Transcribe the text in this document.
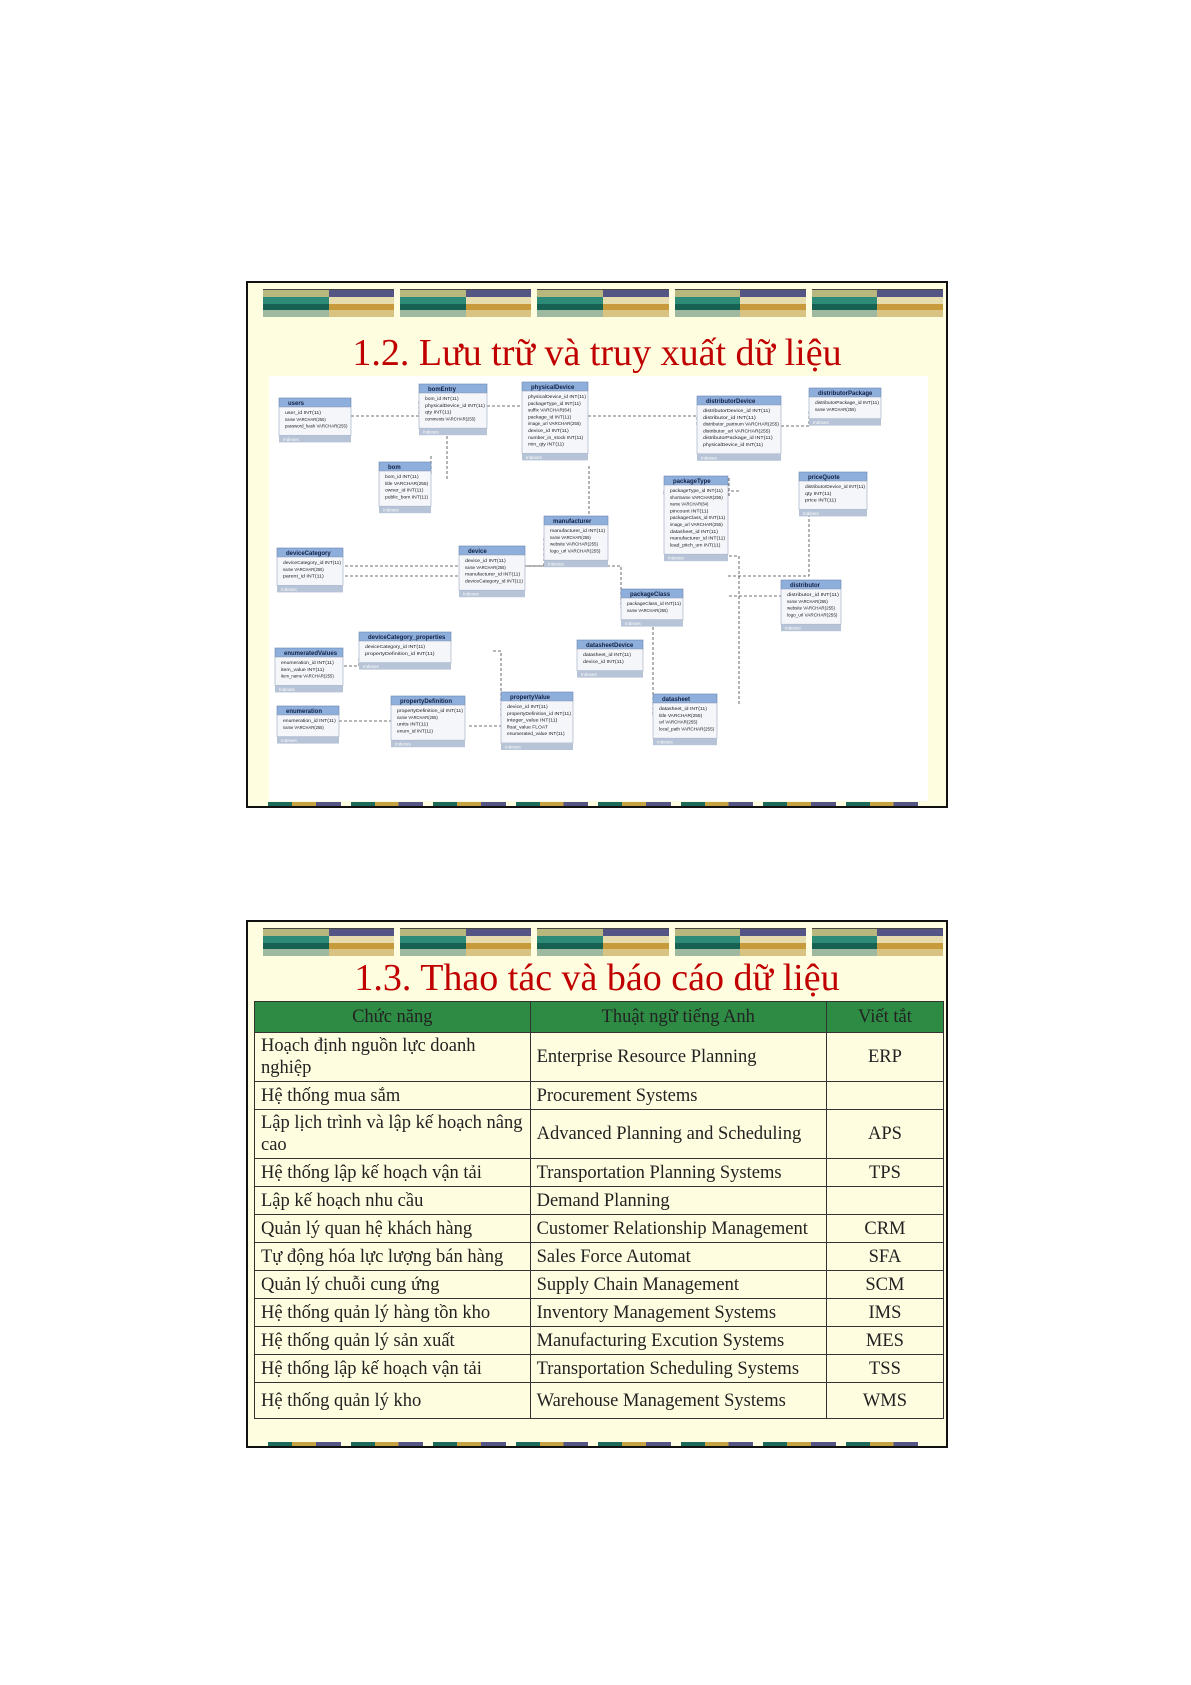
1.2. Lưu trữ và truy xuất dữ liệu
users
user_id INT(11)
name VARCHAR(255)
password_hash VARCHAR(255)
Indexes
bomEntry
bom_id INT(11)
physicalDevice_id INT(11)
qty INT(11)
comments VARCHAR(255)
Indexes
physicalDevice
physicalDevice_id INT(11)
packageType_id INT(11)
suffix VARCHAR(64)
package_id INT(11)
image_url VARCHAR(255)
device_id INT(11)
number_in_stock INT(11)
min_qty INT(11)
Indexes
distributorDevice
distributorDevice_id INT(11)
distributor_id INT(11)
distributor_partnum VARCHAR(255)
distributor_url VARCHAR(255)
distributorPackage_id INT(11)
physicalDevice_id INT(11)
Indexes
distributorPackage
distributorPackage_id INT(11)
name VARCHAR(255)
Indexes
bom
bom_id INT(11)
title VARCHAR(255)
owner_id INT(11)
public_bom INT(11)
Indexes
priceQuote
distributorDevice_id INT(11)
qty INT(11)
price INT(11)
Indexes
packageType
packageType_id INT(11)
shortname VARCHAR(255)
name VARCHAR(64)
pincount INT(11)
packageClass_id INT(11)
image_url VARCHAR(255)
datasheet_id INT(11)
manufacturer_id INT(11)
lead_pitch_um INT(11)
Indexes
manufacturer
manufacturer_id INT(11)
name VARCHAR(255)
website VARCHAR(255)
logo_url VARCHAR(255)
Indexes
deviceCategory
deviceCategory_id INT(11)
name VARCHAR(255)
parent_id INT(11)
Indexes
device
device_id INT(11)
name VARCHAR(255)
manufacturer_id INT(11)
deviceCategory_id INT(11)
Indexes
distributor
distributor_id INT(11)
name VARCHAR(255)
website VARCHAR(255)
logo_url VARCHAR(255)
Indexes
packageClass
packageClass_id INT(11)
name VARCHAR(255)
Indexes
enumeratedValues
enumeration_id INT(11)
item_value INT(11)
item_name VARCHAR(255)
Indexes
deviceCategory_properties
deviceCategory_id INT(11)
propertyDefinition_id INT(11)
Indexes
datasheetDevice
datasheet_id INT(11)
device_id INT(11)
Indexes
enumeration
enumeration_id INT(11)
name VARCHAR(255)
Indexes
propertyDefinition
propertyDefinition_id INT(11)
name VARCHAR(255)
units INT(11)
enum_id INT(11)
Indexes
propertyValue
device_id INT(11)
propertyDefinition_id INT(11)
integer_value INT(11)
float_value FLOAT
enumerated_value INT(11)
Indexes
datasheet
datasheet_id INT(11)
title VARCHAR(255)
url VARCHAR(255)
local_path VARCHAR(255)
Indexes
1.3. Thao tác và báo cáo dữ liệu
Chức năng	Thuật ngữ tiếng Anh	Viết tắt
Hoạch định nguồn lực doanh nghiệp	Enterprise Resource Planning	ERP
Hệ thống mua sắm	Procurement Systems	
Lập lịch trình và lập kế hoạch nâng cao	Advanced Planning and Scheduling	APS
Hệ thống lập kế hoạch vận tải	Transportation Planning Systems	TPS
Lập kế hoạch nhu cầu	Demand Planning	
Quản lý quan hệ khách hàng	Customer Relationship Management	CRM
Tự động hóa lực lượng bán hàng	Sales Force Automat	SFA
Quản lý chuỗi cung ứng	Supply Chain Management	SCM
Hệ thống quản lý hàng tồn kho	Inventory Management Systems	IMS
Hệ thống quản lý sản xuất	Manufacturing Excution Systems	MES
Hệ thống lập kế hoạch vận tải	Transportation Scheduling Systems	TSS
Hệ thống quản lý kho	Warehouse Management Systems	WMS
